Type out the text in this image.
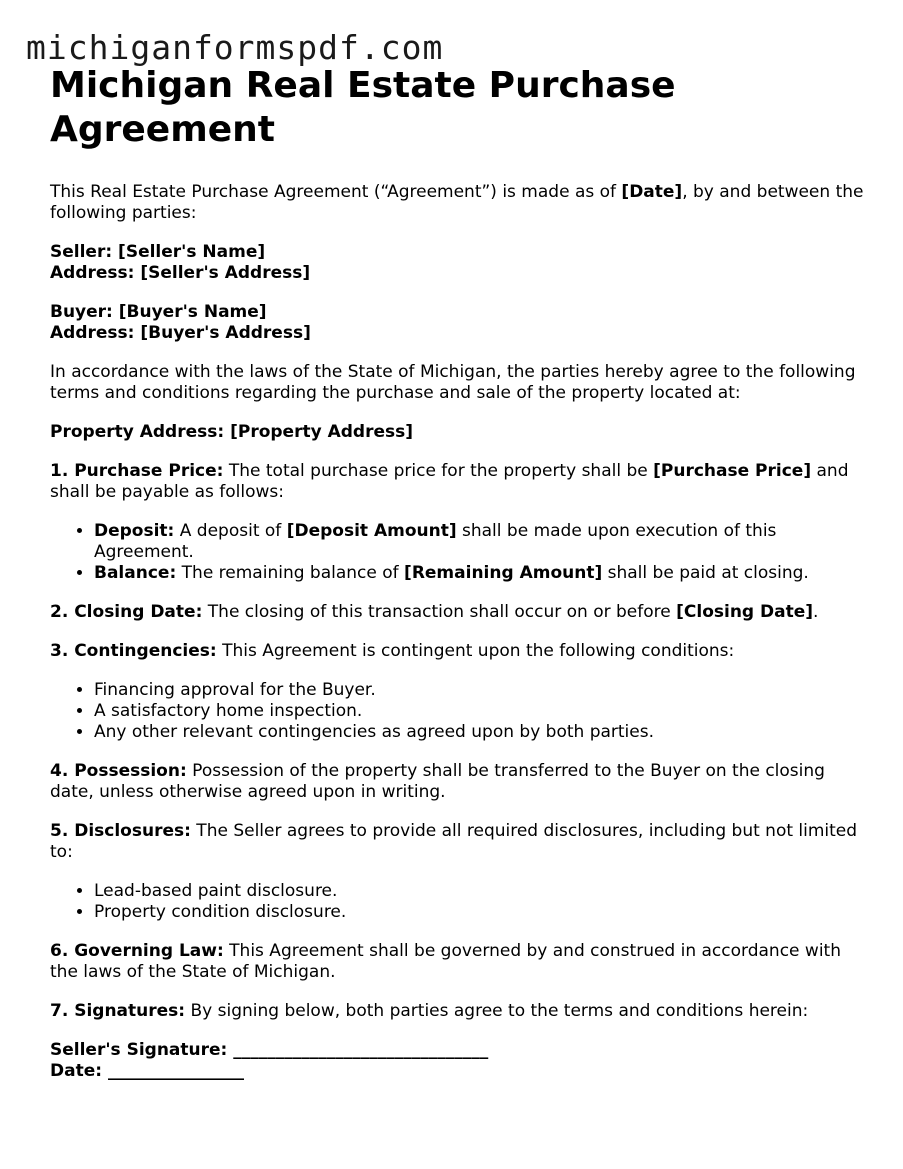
michiganformspdf.com
Michigan Real Estate Purchase Agreement

This Real Estate Purchase Agreement (“Agreement”) is made as of [Date], by and between the following parties:

Seller: [Seller's Name]
Address: [Seller's Address]

Buyer: [Buyer's Name]
Address: [Buyer's Address]

In accordance with the laws of the State of Michigan, the parties hereby agree to the following terms and conditions regarding the purchase and sale of the property located at:

Property Address: [Property Address]

1. Purchase Price: The total purchase price for the property shall be [Purchase Price] and shall be payable as follows:

• Deposit: A deposit of [Deposit Amount] shall be made upon execution of this Agreement.
• Balance: The remaining balance of [Remaining Amount] shall be paid at closing.

2. Closing Date: The closing of this transaction shall occur on or before [Closing Date].

3. Contingencies: This Agreement is contingent upon the following conditions:

• Financing approval for the Buyer.
• A satisfactory home inspection.
• Any other relevant contingencies as agreed upon by both parties.

4. Possession: Possession of the property shall be transferred to the Buyer on the closing date, unless otherwise agreed upon in writing.

5. Disclosures: The Seller agrees to provide all required disclosures, including but not limited to:

• Lead-based paint disclosure.
• Property condition disclosure.

6. Governing Law: This Agreement shall be governed by and construed in accordance with the laws of the State of Michigan.

7. Signatures: By signing below, both parties agree to the terms and conditions herein:

Seller's Signature: ______________________________
Date: ________________
